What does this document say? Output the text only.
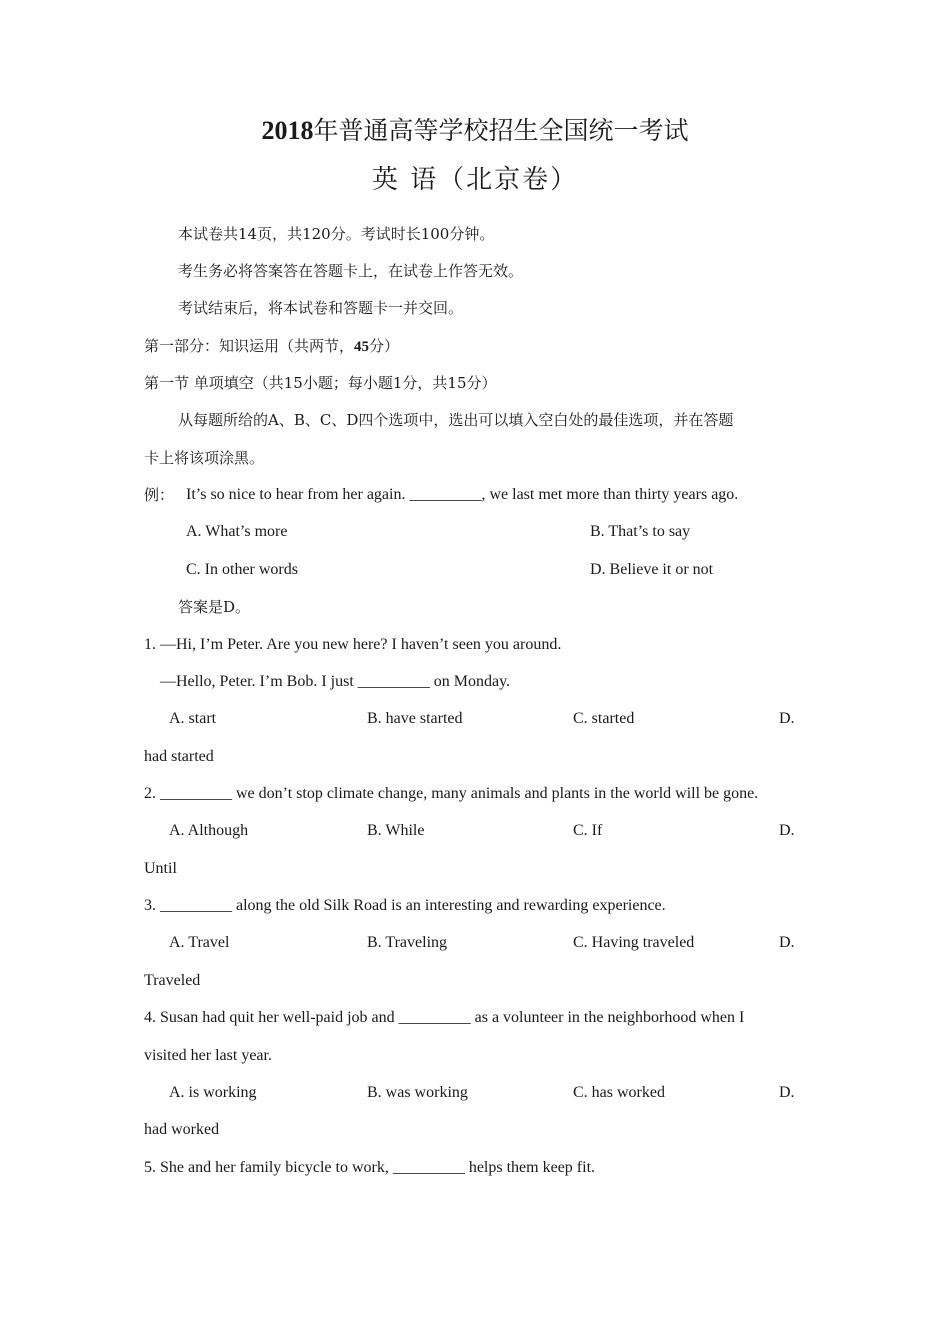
2018年普通高等学校招生全国统一考试
英 语（北京卷）
本试卷共14页，共120分。考试时长100分钟。
考生务必将答案答在答题卡上，在试卷上作答无效。
考试结束后，将本试卷和答题卡一并交回。
第一部分：知识运用（共两节，45分）
第一节 单项填空（共15小题；每小题1分，共15分）
从每题所给的A、B、C、D四个选项中，选出可以填入空白处的最佳选项，并在答题
卡上将该项涂黑。
例： It’s so nice to hear from her again. _________, we last met more than thirty years ago.
A. What’s more	B. That’s to say
C. In other words	D. Believe it or not
答案是D。
1. —Hi, I’m Peter. Are you new here? I haven’t seen you around.
—Hello, Peter. I’m Bob. I just _________ on Monday.
A. start	B. have started	C. started	D.
had started
2. _________ we don’t stop climate change, many animals and plants in the world will be gone.
A. Although	B. While	C. If	D.
Until
3. _________ along the old Silk Road is an interesting and rewarding experience.
A. Travel	B. Traveling	C. Having traveled	D.
Traveled
4. Susan had quit her well-paid job and _________ as a volunteer in the neighborhood when I
visited her last year.
A. is working	B. was working	C. has worked	D.
had worked
5. She and her family bicycle to work, _________ helps them keep fit.
